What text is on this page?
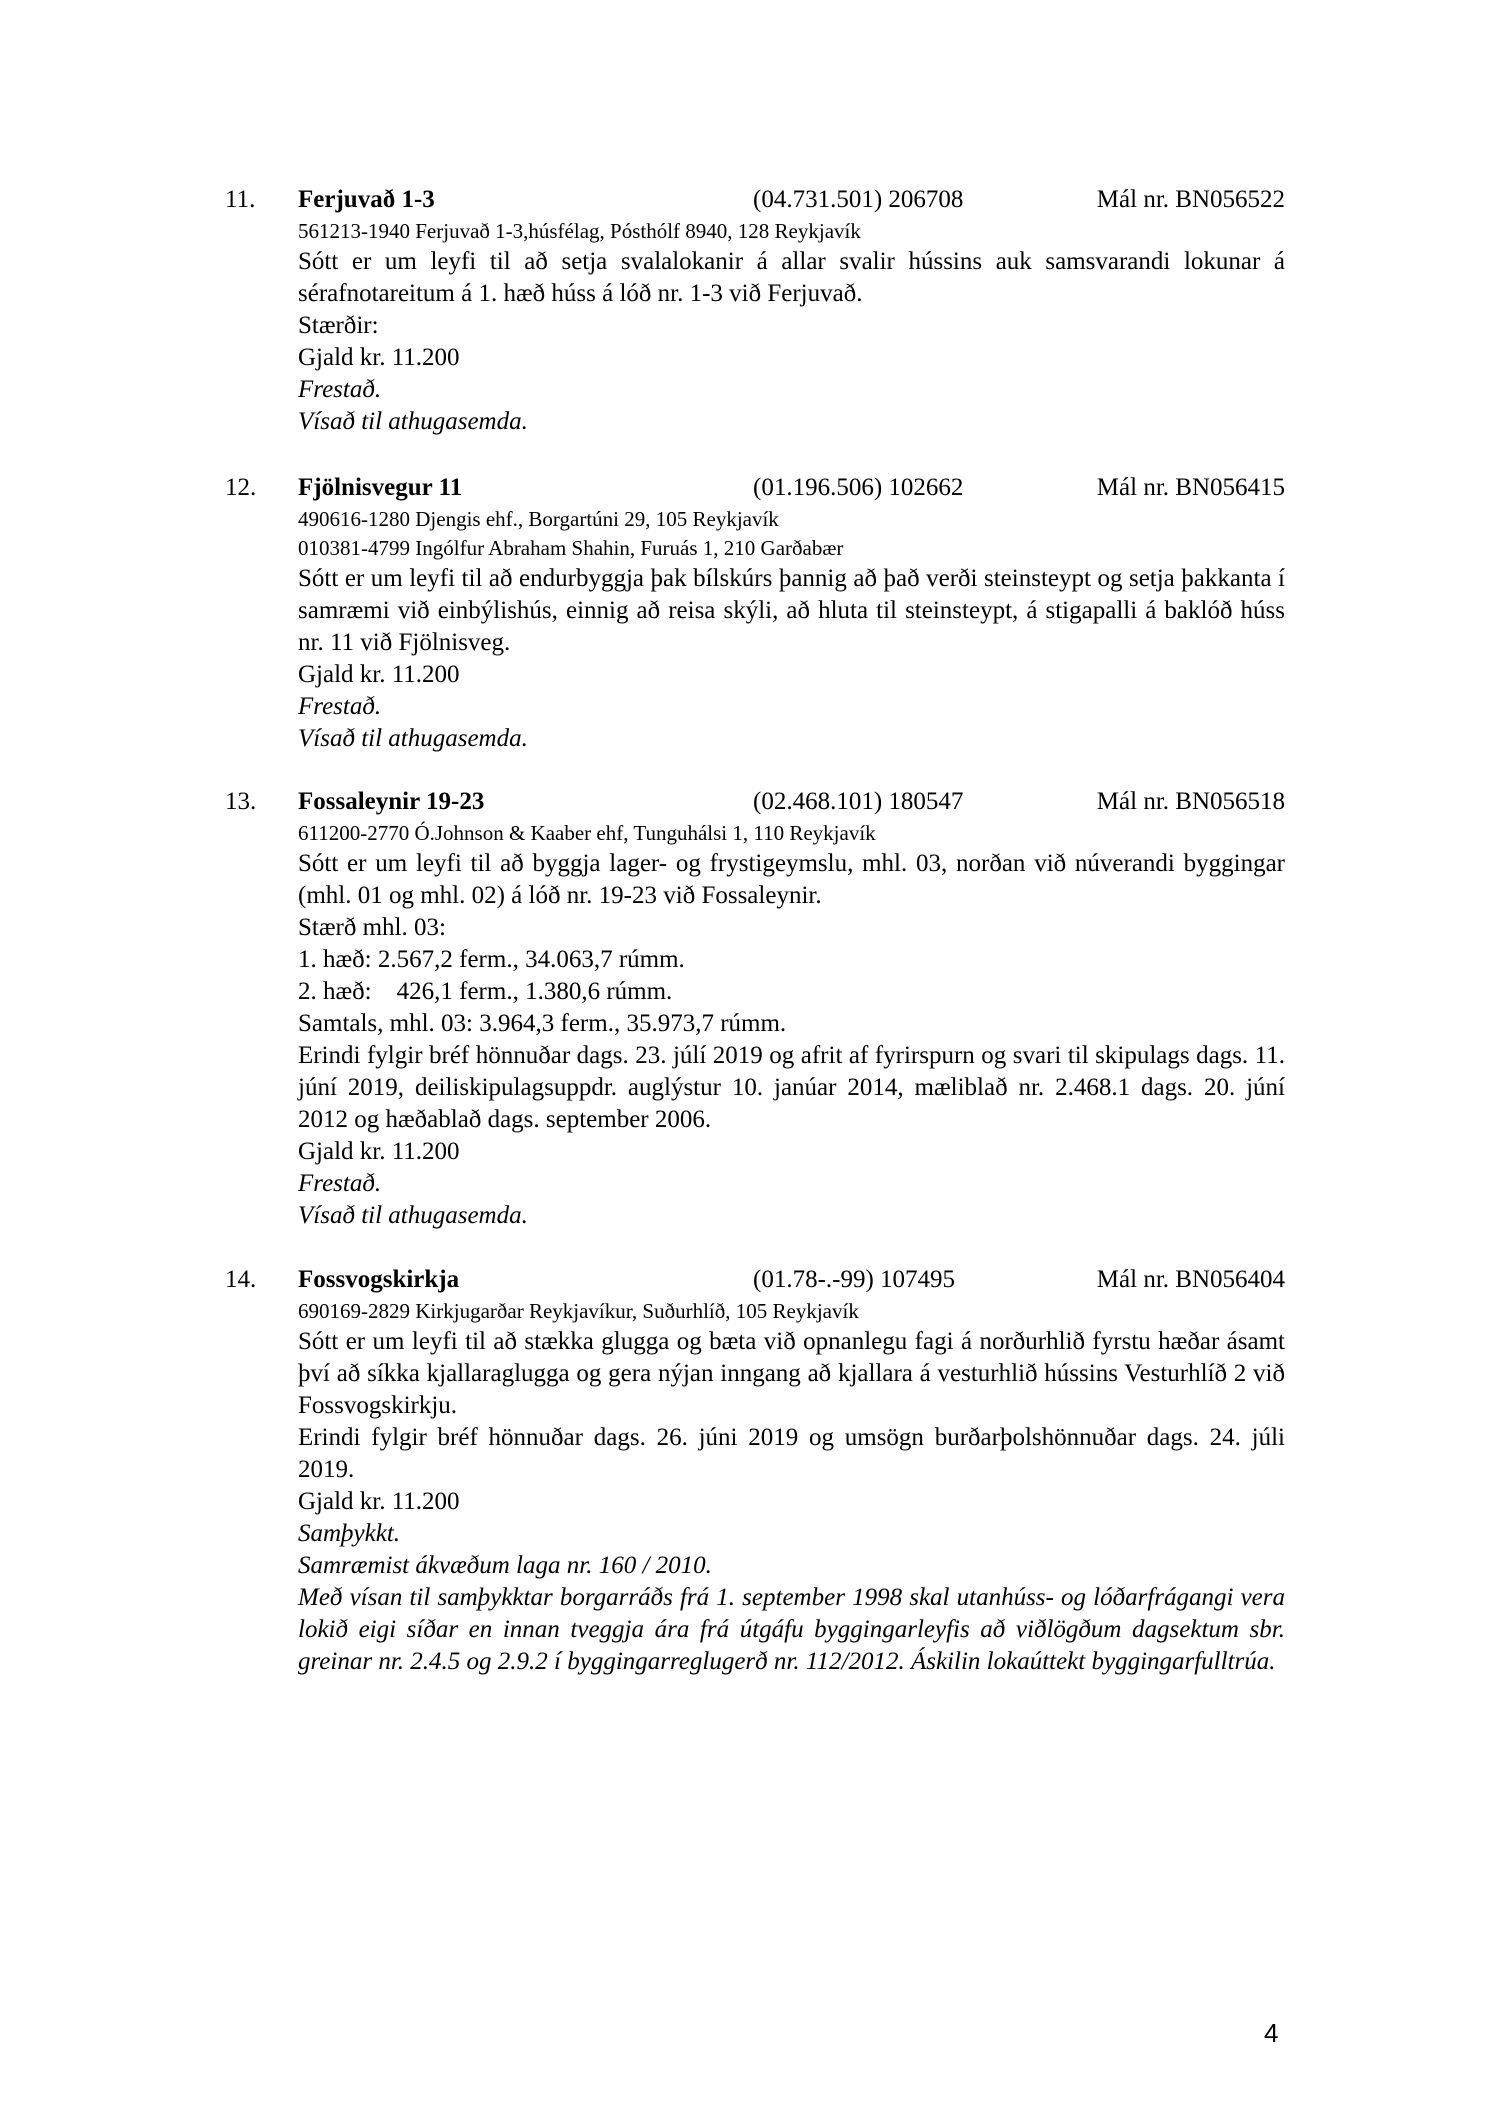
11. Ferjuvað 1-3	(04.731.501) 206708	Mál nr. BN056522
561213-1940 Ferjuvað 1-3,húsfélag, Pósthólf 8940, 128 Reykjavík
Sótt er um leyfi til að setja svalalokanir á allar svalir hússins auk samsvarandi lokunar á sérafnotareitum á 1. hæð húss á lóð nr. 1-3 við Ferjuvað.
Stærðir:
Gjald kr. 11.200
Frestað.
Vísað til athugasemda.
12. Fjölnisvegur 11	(01.196.506) 102662	Mál nr. BN056415
490616-1280 Djengis ehf., Borgartúni 29, 105 Reykjavík
010381-4799 Ingólfur Abraham Shahin, Furuás 1, 210 Garðabær
Sótt er um leyfi til að endurbyggja þak bílskúrs þannig að það verði steinsteypt og setja þakkanta í samræmi við einbýlishús, einnig að reisa skýli, að hluta til steinsteypt, á stigapalli á baklóð húss nr. 11 við Fjölnisveg.
Gjald kr. 11.200
Frestað.
Vísað til athugasemda.
13. Fossaleynir 19-23	(02.468.101) 180547	Mál nr. BN056518
611200-2770 Ó.Johnson & Kaaber ehf, Tunguhálsi 1, 110 Reykjavík
Sótt er um leyfi til að byggja lager- og frystigeymslu, mhl. 03, norðan við núverandi byggingar (mhl. 01 og mhl. 02) á lóð nr. 19-23 við Fossaleynir.
Stærð mhl. 03:
1. hæð: 2.567,2 ferm., 34.063,7 rúmm.
2. hæð:    426,1 ferm., 1.380,6 rúmm.
Samtals, mhl. 03: 3.964,3 ferm., 35.973,7 rúmm.
Erindi fylgir bréf hönnuðar dags. 23. júlí 2019 og afrit af fyrirspurn og svari til skipulags dags. 11. júní 2019, deiliskipulagsuppdr. auglýstur 10. janúar 2014, mæliblað nr. 2.468.1 dags. 20. júní 2012 og hæðablað dags. september 2006.
Gjald kr. 11.200
Frestað.
Vísað til athugasemda.
14. Fossvogskirkja	(01.78-.-99) 107495	Mál nr. BN056404
690169-2829 Kirkjugarðar Reykjavíkur, Suðurhlíð, 105 Reykjavík
Sótt er um leyfi til að stækka glugga og bæta við opnanlegu fagi á norðurhlið fyrstu hæðar ásamt því að síkka kjallaraglugga og gera nýjan inngang að kjallara á vesturhlið hússins Vesturhlíð 2 við Fossvogskirkju.
Erindi fylgir bréf hönnuðar dags. 26. júni 2019 og umsögn burðarþolshönnuðar dags. 24. júli 2019.
Gjald kr. 11.200
Samþykkt.
Samræmist ákvæðum laga nr. 160 / 2010.
Með vísan til samþykktar borgarráðs frá 1. september 1998 skal utanhúss- og lóðarfrágangi vera lokið eigi síðar en innan tveggja ára frá útgáfu byggingarleyfis að viðlögðum dagsektum sbr. greinar nr. 2.4.5 og 2.9.2 í byggingarreglugerð nr. 112/2012. Áskilin lokaúttekt byggingarfulltrúa.
4
